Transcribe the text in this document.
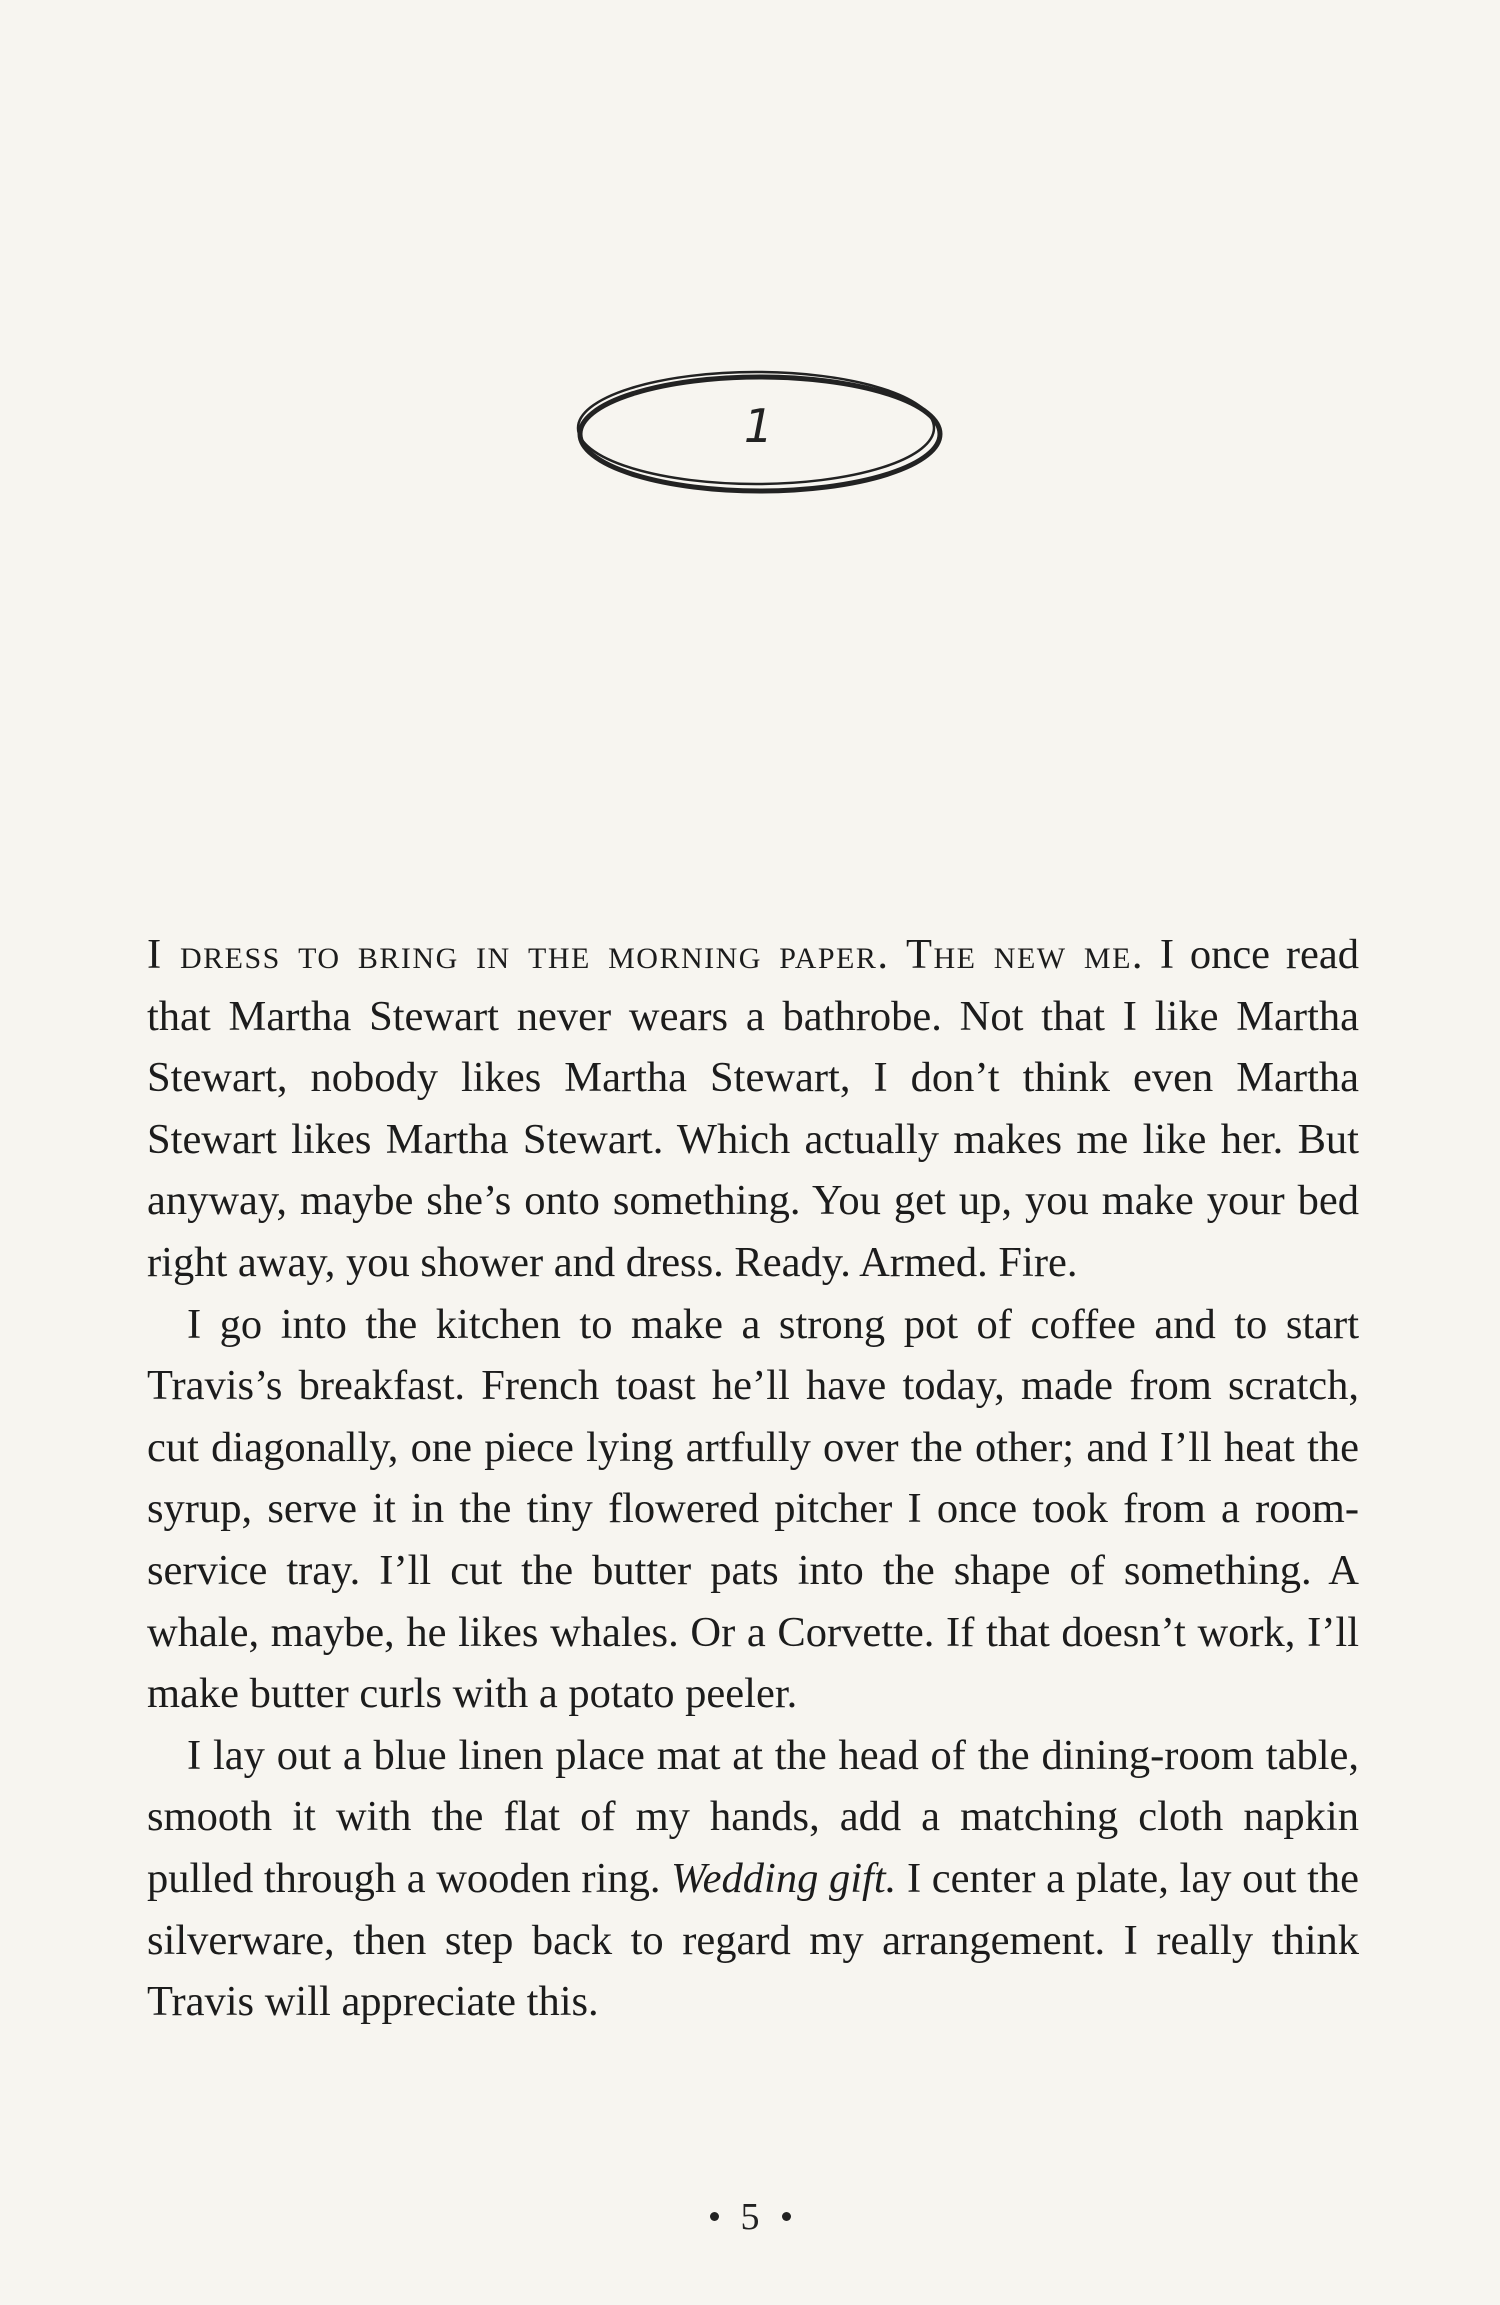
1

I dress to bring in the morning paper. The new me. I once read that Martha Stewart never wears a bathrobe. Not that I like Martha Stewart, nobody likes Martha Stewart, I don’t think even Martha Stewart likes Martha Stewart. Which actually makes me like her. But anyway, maybe she’s onto something. You get up, you make your bed right away, you shower and dress. Ready. Armed. Fire.

I go into the kitchen to make a strong pot of coffee and to start Travis’s breakfast. French toast he’ll have today, made from scratch, cut diagonally, one piece lying artfully over the other; and I’ll heat the syrup, serve it in the tiny flowered pitcher I once took from a room-service tray. I’ll cut the butter pats into the shape of something. A whale, maybe, he likes whales. Or a Corvette. If that doesn’t work, I’ll make butter curls with a potato peeler.

I lay out a blue linen place mat at the head of the dining-room table, smooth it with the flat of my hands, add a matching cloth napkin pulled through a wooden ring. Wedding gift. I center a plate, lay out the silverware, then step back to regard my arrangement. I really think Travis will appreciate this.

5
